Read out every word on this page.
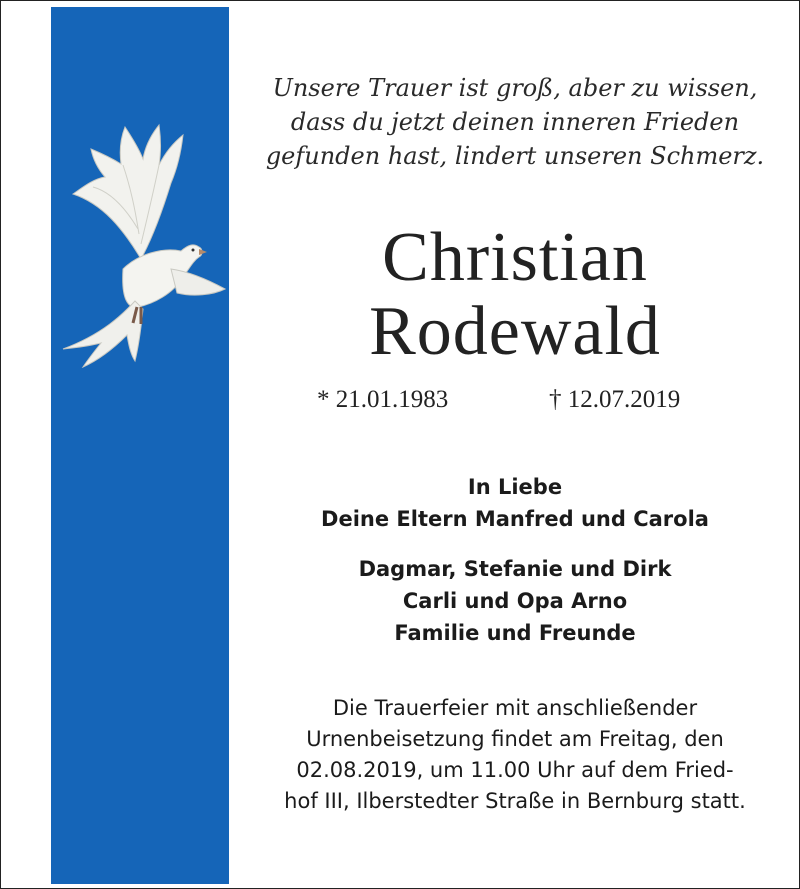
Unsere Trauer ist groß, aber zu wissen,
dass du jetzt deinen inneren Frieden
gefunden hast, lindert unseren Schmerz.
Christian
Rodewald
* 21.01.1983	† 12.07.2019
In Liebe
Deine Eltern Manfred und Carola
Dagmar, Stefanie und Dirk
Carli und Opa Arno
Familie und Freunde
Die Trauerfeier mit anschließender
Urnenbeisetzung findet am Freitag, den
02.08.2019, um 11.00 Uhr auf dem Fried-
hof III, Ilberstedter Straße in Bernburg statt.
